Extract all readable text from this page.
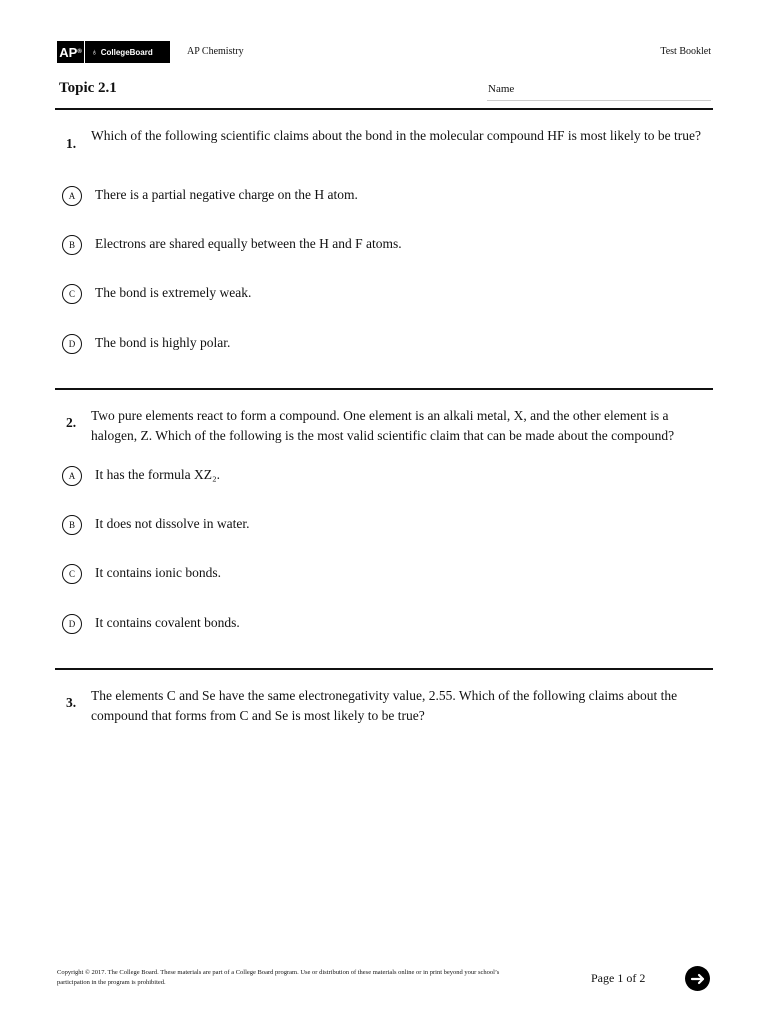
AP ® ♁ CollegeBoard	AP Chemistry	Test Booklet
Topic 2.1	Name
1.
Which of the following scientific claims about the bond in the molecular compound HF is most likely to be true?
A	There is a partial negative charge on the H atom.
B	Electrons are shared equally between the H and F atoms.
C	The bond is extremely weak.
D	The bond is highly polar.
2. Two pure elements react to form a compound. One element is an alkali metal, X, and the other element is a halogen, Z. Which of the following is the most valid scientific claim that can be made about the compound?
A	It has the formula XZ₂.
B	It does not dissolve in water.
C	It contains ionic bonds.
D	It contains covalent bonds.
3. The elements C and Se have the same electronegativity value, 2.55. Which of the following claims about the compound that forms from C and Se is most likely to be true?
Copyright © 2017. The College Board. These materials are part of a College Board program. Use or distribution of these materials online or in print beyond your school’s participation in the program is prohibited.	Page 1 of 2
